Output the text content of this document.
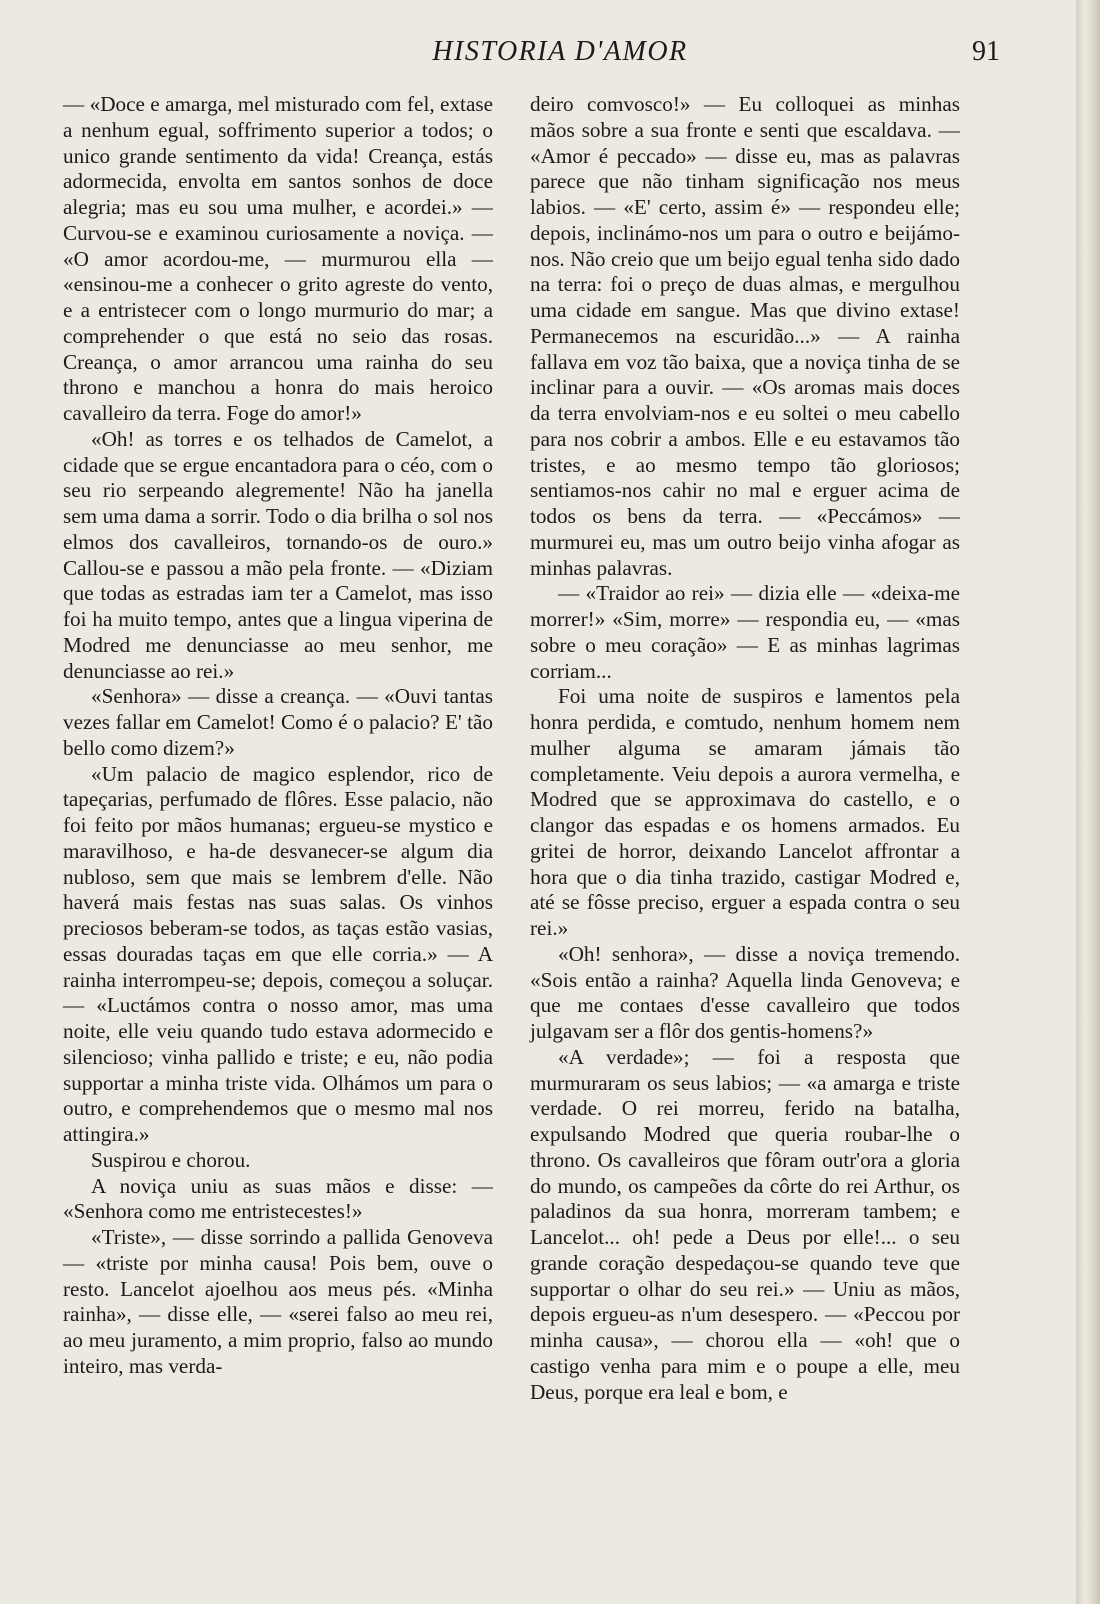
HISTORIA D'AMOR	91

— «Doce e amarga, mel misturado com fel, extase a nenhum egual, soffrimento superior a todos; o unico grande sentimento da vida! Creança, estás adormecida, envolta em santos sonhos de doce alegria; mas eu sou uma mulher, e acordei.» — Curvou-se e examinou curiosamente a noviça. — «O amor acordou-me, — murmurou ella — «ensinou-me a conhecer o grito agreste do vento, e a entristecer com o longo murmurio do mar; a comprehender o que está no seio das rosas. Creança, o amor arrancou uma rainha do seu throno e manchou a honra do mais heroico cavalleiro da terra. Foge do amor!»

«Oh! as torres e os telhados de Camelot, a cidade que se ergue encantadora para o céo, com o seu rio serpeando alegremente! Não ha janella sem uma dama a sorrir. Todo o dia brilha o sol nos elmos dos cavalleiros, tornando-os de ouro.» Callou-se e passou a mão pela fronte. — «Diziam que todas as estradas iam ter a Camelot, mas isso foi ha muito tempo, antes que a lingua viperina de Modred me denunciasse ao meu senhor, me denunciasse ao rei.»

«Senhora» — disse a creança. — «Ouvi tantas vezes fallar em Camelot! Como é o palacio? E' tão bello como dizem?»

«Um palacio de magico esplendor, rico de tapeçarias, perfumado de flôres. Esse palacio, não foi feito por mãos humanas; ergueu-se mystico e maravilhoso, e ha-de desvanecer-se algum dia nubloso, sem que mais se lembrem d'elle. Não haverá mais festas nas suas salas. Os vinhos preciosos beberam-se todos, as taças estão vasias, essas douradas taças em que elle corria.» — A rainha interrompeu-se; depois, começou a soluçar. — «Luctámos contra o nosso amor, mas uma noite, elle veiu quando tudo estava adormecido e silencioso; vinha pallido e triste; e eu, não podia supportar a minha triste vida. Olhámos um para o outro, e comprehendemos que o mesmo mal nos attingira.»

Suspirou e chorou.

A noviça uniu as suas mãos e disse: — «Senhora como me entristecestes!»

«Triste», — disse sorrindo a pallida Genoveva — «triste por minha causa! Pois bem, ouve o resto. Lancelot ajoelhou aos meus pés. «Minha rainha», — disse elle, — «serei falso ao meu rei, ao meu juramento, a mim proprio, falso ao mundo inteiro, mas verda-

deiro comvosco!» — Eu colloquei as minhas mãos sobre a sua fronte e senti que escaldava. — «Amor é peccado» — disse eu, mas as palavras parece que não tinham significação nos meus labios. — «E' certo, assim é» — respondeu elle; depois, inclinámo-nos um para o outro e beijámo-nos. Não creio que um beijo egual tenha sido dado na terra: foi o preço de duas almas, e mergulhou uma cidade em sangue. Mas que divino extase! Permanecemos na escuridão...» — A rainha fallava em voz tão baixa, que a noviça tinha de se inclinar para a ouvir. — «Os aromas mais doces da terra envolviam-nos e eu soltei o meu cabello para nos cobrir a ambos. Elle e eu estavamos tão tristes, e ao mesmo tempo tão gloriosos; sentiamos-nos cahir no mal e erguer acima de todos os bens da terra. — «Peccámos» — murmurei eu, mas um outro beijo vinha afogar as minhas palavras.

— «Traidor ao rei» — dizia elle — «deixa-me morrer!» «Sim, morre» — respondia eu, — «mas sobre o meu coração» — E as minhas lagrimas corriam...

Foi uma noite de suspiros e lamentos pela honra perdida, e comtudo, nenhum homem nem mulher alguma se amaram jámais tão completamente. Veiu depois a aurora vermelha, e Modred que se approximava do castello, e o clangor das espadas e os homens armados. Eu gritei de horror, deixando Lancelot affrontar a hora que o dia tinha trazido, castigar Modred e, até se fôsse preciso, erguer a espada contra o seu rei.»

«Oh! senhora», — disse a noviça tremendo. «Sois então a rainha? Aquella linda Genoveva; e que me contaes d'esse cavalleiro que todos julgavam ser a flôr dos gentis-homens?»

«A verdade»; — foi a resposta que murmuraram os seus labios; — «a amarga e triste verdade. O rei morreu, ferido na batalha, expulsando Modred que queria roubar-lhe o throno. Os cavalleiros que fôram outr'ora a gloria do mundo, os campeões da côrte do rei Arthur, os paladinos da sua honra, morreram tambem; e Lancelot... oh! pede a Deus por elle!... o seu grande coração despedaçou-se quando teve que supportar o olhar do seu rei.» — Uniu as mãos, depois ergueu-as n'um desespero. — «Peccou por minha causa», — chorou ella — «oh! que o castigo venha para mim e o poupe a elle, meu Deus, porque era leal e bom, e
